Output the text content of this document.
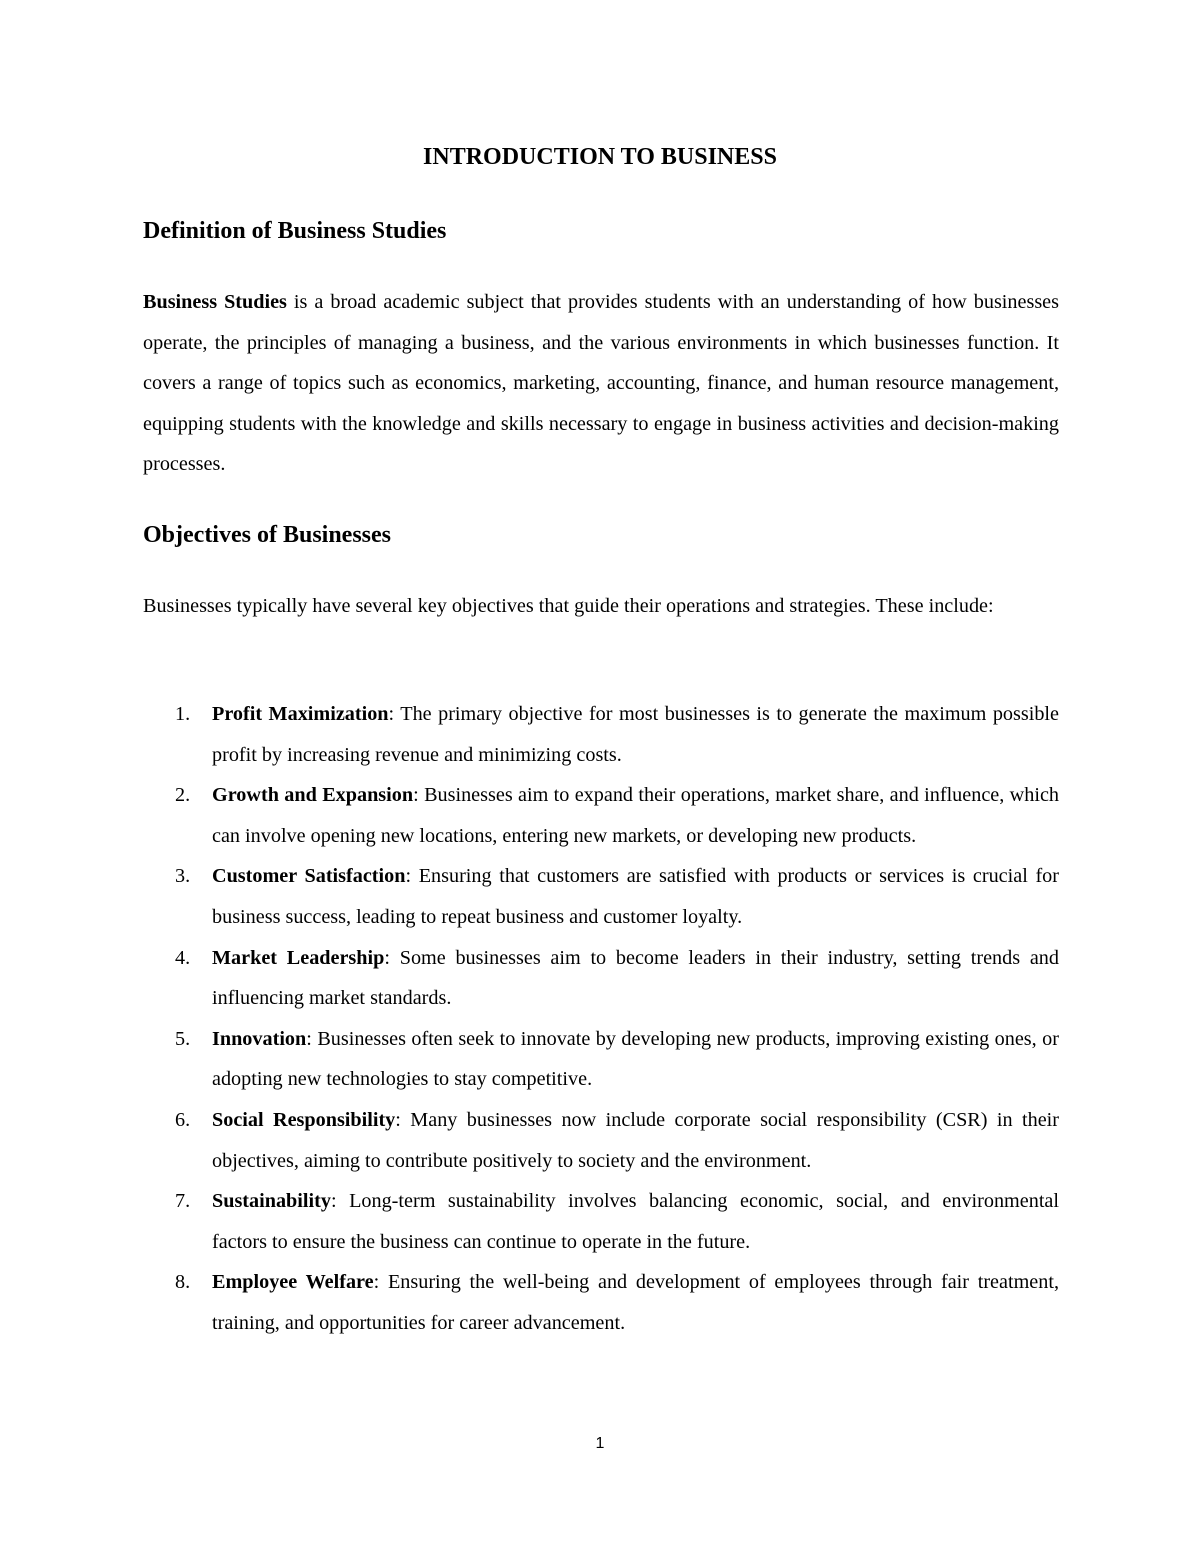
INTRODUCTION TO BUSINESS
Definition of Business Studies

Business Studies is a broad academic subject that provides students with an understanding of how businesses operate, the principles of managing a business, and the various environments in which businesses function. It covers a range of topics such as economics, marketing, accounting, finance, and human resource management, equipping students with the knowledge and skills necessary to engage in business activities and decision-making processes.

Objectives of Businesses

Businesses typically have several key objectives that guide their operations and strategies. These include:

1. Profit Maximization: The primary objective for most businesses is to generate the maximum possible profit by increasing revenue and minimizing costs.
2. Growth and Expansion: Businesses aim to expand their operations, market share, and influence, which can involve opening new locations, entering new markets, or developing new products.
3. Customer Satisfaction: Ensuring that customers are satisfied with products or services is crucial for business success, leading to repeat business and customer loyalty.
4. Market Leadership: Some businesses aim to become leaders in their industry, setting trends and influencing market standards.
5. Innovation: Businesses often seek to innovate by developing new products, improving existing ones, or adopting new technologies to stay competitive.
6. Social Responsibility: Many businesses now include corporate social responsibility (CSR) in their objectives, aiming to contribute positively to society and the environment.
7. Sustainability: Long-term sustainability involves balancing economic, social, and environmental factors to ensure the business can continue to operate in the future.
8. Employee Welfare: Ensuring the well-being and development of employees through fair treatment, training, and opportunities for career advancement.

1
